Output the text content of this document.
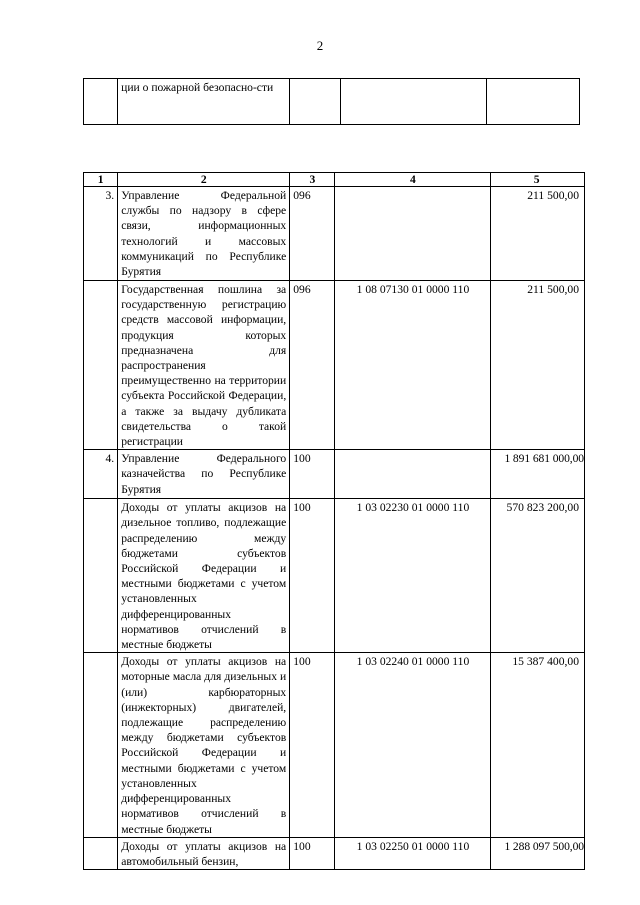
2
	ции о пожарной безопасно-сти			
1	2	3	4	5
3.	Управление Федеральной службы по надзору в сфере связи, информационных технологий и массовых коммуникаций по Республике Бурятия	096		211 500,00
	Государственная пошлина за государственную регистрацию средств массовой информации, продукция которых предназначена для распространения преимущественно на территории субъекта Российской Федерации, а также за выдачу дубликата свидетельства о такой регистрации	096	1 08 07130 01 0000 110	211 500,00
4.	Управление Федерального казначейства по Республике Бурятия	100		1 891 681 000,00
	Доходы от уплаты акцизов на дизельное топливо, подлежащие распределению между бюджетами субъектов Российской Федерации и местными бюджетами с учетом установленных дифференцированных нормативов отчислений в местные бюджеты	100	1 03 02230 01 0000 110	570 823 200,00
	Доходы от уплаты акцизов на моторные масла для дизельных и (или) карбюраторных (инжекторных) двигателей, подлежащие распределению между бюджетами субъектов Российской Федерации и местными бюджетами с учетом установленных дифференцированных нормативов отчислений в местные бюджеты	100	1 03 02240 01 0000 110	15 387 400,00
	Доходы от уплаты акцизов на автомобильный бензин,	100	1 03 02250 01 0000 110	1 288 097 500,00
